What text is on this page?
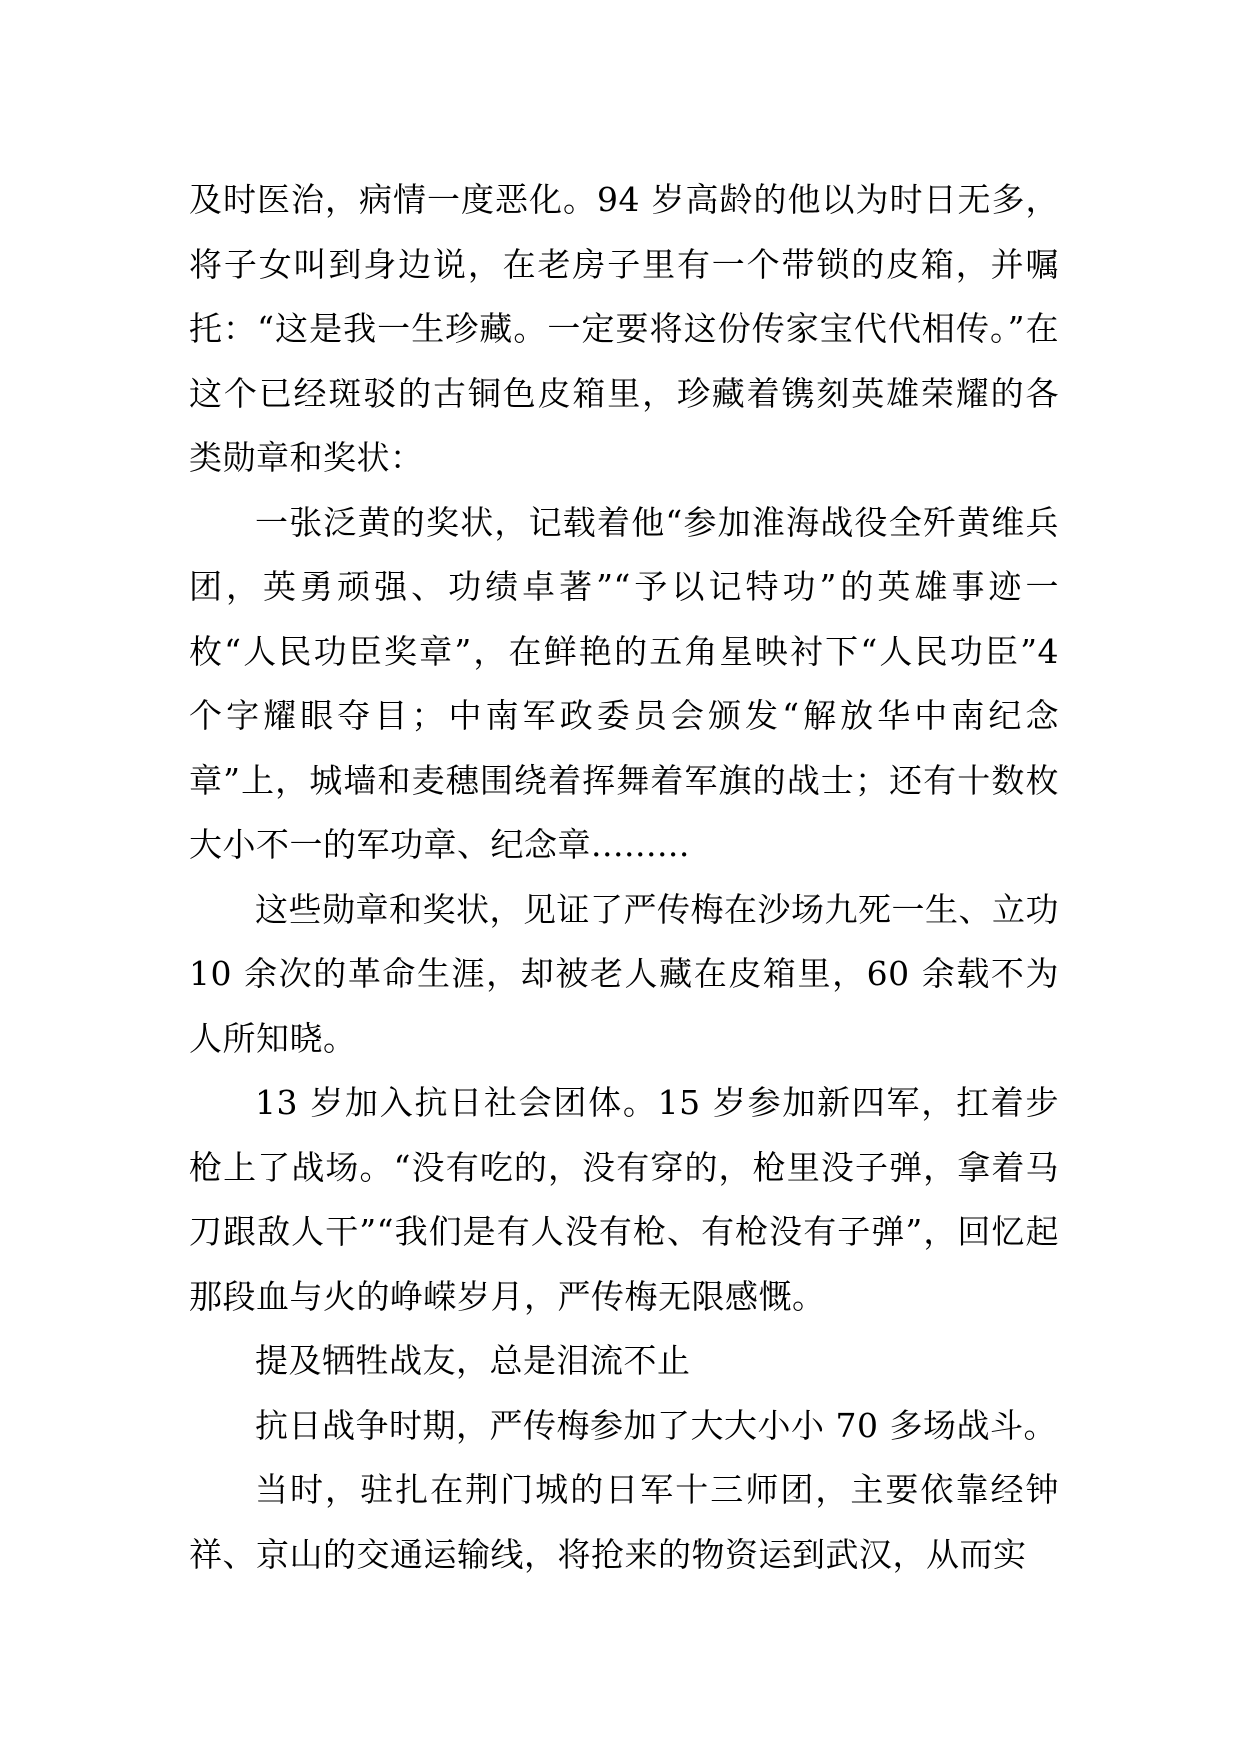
及时医治，病情一度恶化。94 岁高龄的他以为时日无多，将子女叫到身边说，在老房子里有一个带锁的皮箱，并嘱托：“这是我一生珍藏。一定要将这份传家宝代代相传。”在这个已经斑驳的古铜色皮箱里，珍藏着镌刻英雄荣耀的各类勋章和奖状：

一张泛黄的奖状，记载着他“参加淮海战役全歼黄维兵团，英勇顽强、功绩卓著”“予以记特功”的英雄事迹一枚“人民功臣奖章”，在鲜艳的五角星映衬下“人民功臣”4 个字耀眼夺目；中南军政委员会颁发“解放华中南纪念章”上，城墙和麦穗围绕着挥舞着军旗的战士；还有十数枚大小不一的军功章、纪念章.........

这些勋章和奖状，见证了严传梅在沙场九死一生、立功 10 余次的革命生涯，却被老人藏在皮箱里，60 余载不为人所知晓。

13 岁加入抗日社会团体。15 岁参加新四军，扛着步枪上了战场。“没有吃的，没有穿的，枪里没子弹，拿着马刀跟敌人干”“我们是有人没有枪、有枪没有子弹”，回忆起那段血与火的峥嵘岁月，严传梅无限感慨。

提及牺牲战友，总是泪流不止

抗日战争时期，严传梅参加了大大小小 70 多场战斗。

当时，驻扎在荆门城的日军十三师团，主要依靠经钟祥、京山的交通运输线，将抢来的物资运到武汉，从而实
